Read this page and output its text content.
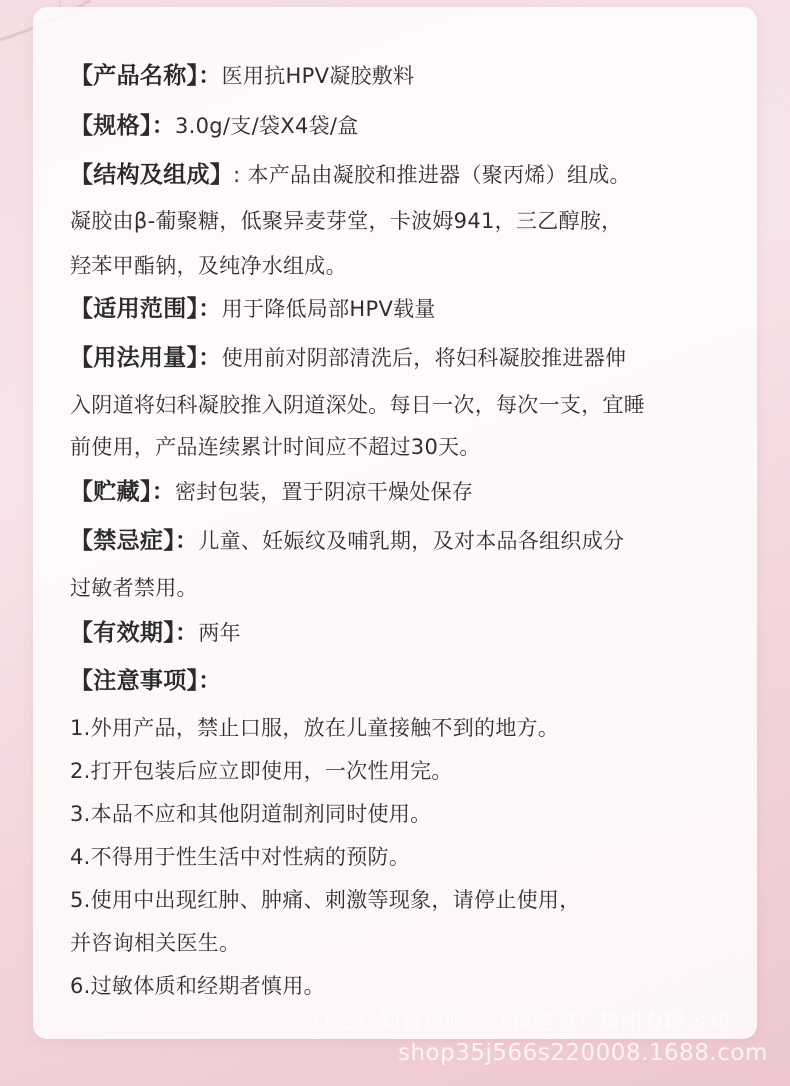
【产品名称】：医用抗HPV凝胶敷料
【规格】：3.0g/支/袋X4袋/盒
【结构及组成】: 本产品由凝胶和推进器（聚丙烯）组成。
凝胶由β-葡聚糖，低聚异麦芽堂，卡波姆941，三乙醇胺，
羟苯甲酯钠，及纯净水组成。
【适用范围】：用于降低局部HPV载量
【用法用量】：使用前对阴部清洗后，将妇科凝胶推进器伸
入阴道将妇科凝胶推入阴道深处。每日一次，每次一支，宜睡
前使用，产品连续累计时间应不超过30天。
【贮藏】：密封包装，置于阴凉干燥处保存
【禁忌症】：儿童、妊娠纹及哺乳期，及对本品各组织成分
过敏者禁用。
【有效期】：两年
【注意事项】：
1.外用产品，禁止口服，放在儿童接触不到的地方。
2.打开包装后应立即使用，一次性用完。
3.本品不应和其他阴道制剂同时使用。
4.不得用于性生活中对性病的预防。
5.使用中出现红肿、肿痛、刺激等现象，请停止使用，
并咨询相关医生。
6.过敏体质和经期者慎用。
红芯后勤管理服务（福建省）集团有限公司
shop35j566s220008.1688.com
